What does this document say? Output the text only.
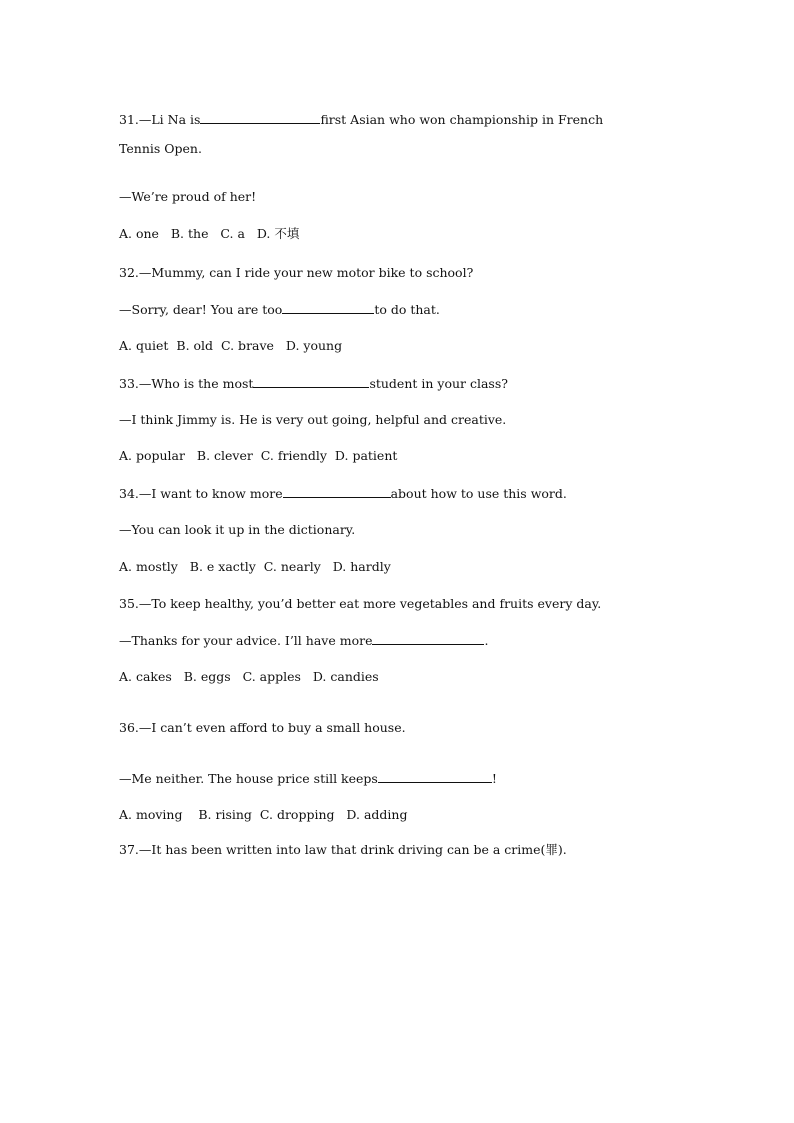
31.—Li Na is	first Asian who won championship in French
Tennis Open.
—We’re proud of her!
A. one   B. the   C. a   D. 不填
32.—Mummy, can I ride your new motor bike to school?
—Sorry, dear! You are too	to do that.
A. quiet  B. old  C. brave   D. young
33.—Who is the most	student in your class?
—I think Jimmy is. He is very out going, helpful and creative.
A. popular   B. clever  C. friendly  D. patient
34.—I want to know more	about how to use this word.
—You can look it up in the dictionary.
A. mostly   B. e xactly  C. nearly   D. hardly
35.—To keep healthy, you’d better eat more vegetables and fruits every day.
—Thanks for your advice. I’ll have more	.
A. cakes   B. eggs   C. apples   D. candies
36.—I can’t even afford to buy a small house.
—Me neither. The house price still keeps	!
A. moving    B. rising  C. dropping   D. adding
37.—It has been written into law that drink driving can be a crime(罪).
